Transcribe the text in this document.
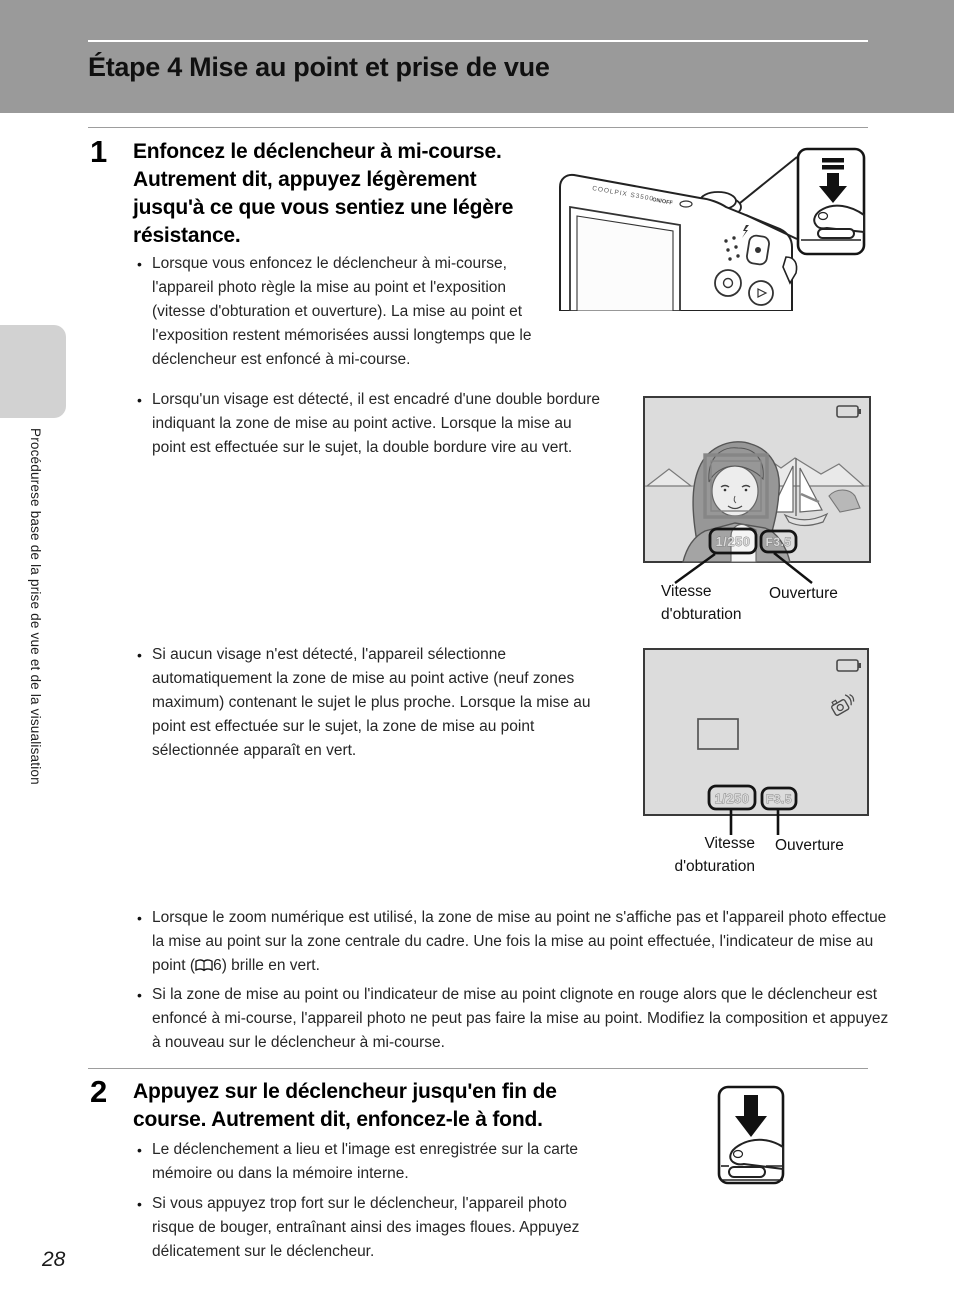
Étape 4 Mise au point et prise de vue
Procédurese base de la prise de vue et de la visualisation
28
1 Enfoncez le déclencheur à mi-course. Autrement dit, appuyez légèrement jusqu'à ce que vous sentiez une légère résistance.
COOLPIX S3500
ON/OFF
• Lorsque vous enfoncez le déclencheur à mi-course, l'appareil photo règle la mise au point et l'exposition (vitesse d'obturation et ouverture). La mise au point et l'exposition restent mémorisées aussi longtemps que le déclencheur est enfoncé à mi-course.
• Lorsqu'un visage est détecté, il est encadré d'une double bordure indiquant la zone de mise au point active. Lorsque la mise au point est effectuée sur le sujet, la double bordure vire au vert.
1/250 F3.5
Vitesse d'obturation
Ouverture
• Si aucun visage n'est détecté, l'appareil sélectionne automatiquement la zone de mise au point active (neuf zones maximum) contenant le sujet le plus proche. Lorsque la mise au point est effectuée sur le sujet, la zone de mise au point sélectionnée apparaît en vert.
1/250 F3.5
Vitesse d'obturation
Ouverture
• Lorsque le zoom numérique est utilisé, la zone de mise au point ne s'affiche pas et l'appareil photo effectue la mise au point sur la zone centrale du cadre. Une fois la mise au point effectuée, l'indicateur de mise au point ( 6) brille en vert.
• Si la zone de mise au point ou l'indicateur de mise au point clignote en rouge alors que le déclencheur est enfoncé à mi-course, l'appareil photo ne peut pas faire la mise au point. Modifiez la composition et appuyez à nouveau sur le déclencheur à mi-course.
2 Appuyez sur le déclencheur jusqu'en fin de course. Autrement dit, enfoncez-le à fond.
• Le déclenchement a lieu et l'image est enregistrée sur la carte mémoire ou dans la mémoire interne.
• Si vous appuyez trop fort sur le déclencheur, l'appareil photo risque de bouger, entraînant ainsi des images floues. Appuyez délicatement sur le déclencheur.
